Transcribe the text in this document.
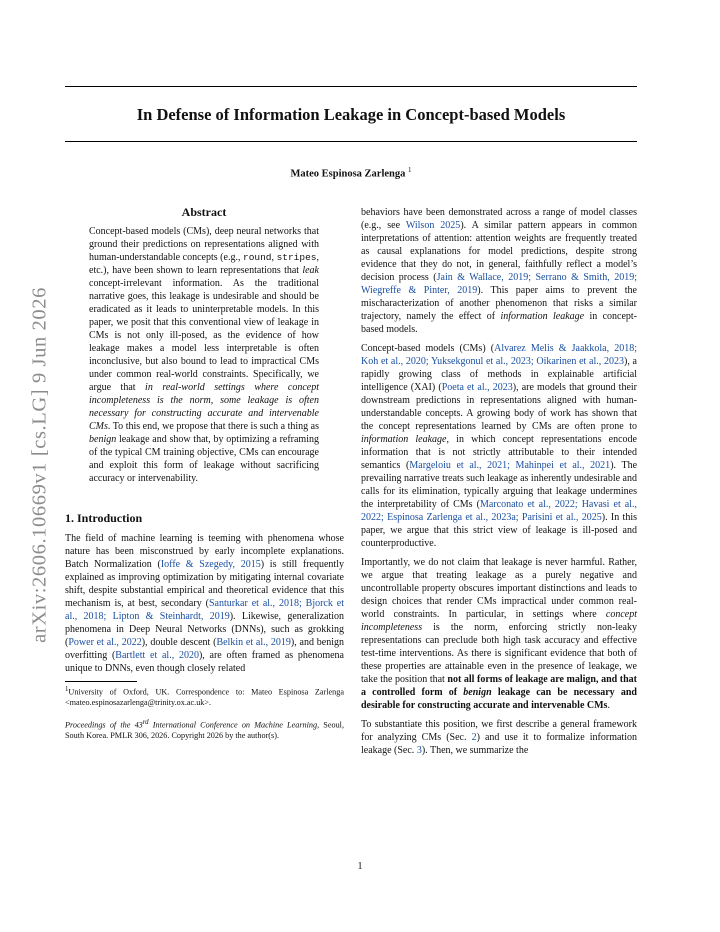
In Defense of Information Leakage in Concept-based Models
Mateo Espinosa Zarlenga $^1$
arXiv:2606.10669v1 [cs.LG] 9 Jun 2026
Abstract

Concept-based models (CMs), deep neural networks that ground their predictions on representations aligned with human-understandable concepts (e.g., round, stripes, etc.), have been shown to learn representations that leak concept-irrelevant information. As the traditional narrative goes, this leakage is undesirable and should be eradicated as it leads to uninterpretable models. In this paper, we posit that this conventional view of leakage in CMs is not only ill-posed, as the evidence of how leakage makes a model less interpretable is often inconclusive, but also bound to lead to impractical CMs under common real-world constraints. Specifically, we argue that in real-world settings where concept incompleteness is the norm, some leakage is often necessary for constructing accurate and intervenable CMs. To this end, we propose that there is such a thing as benign leakage and show that, by optimizing a reframing of the typical CM training objective, CMs can encourage and exploit this form of leakage without sacrificing accuracy or intervenability.

1. Introduction

The field of machine learning is teeming with phenomena whose nature has been misconstrued by early incomplete explanations. Batch Normalization (Ioffe & Szegedy, 2015) is still frequently explained as improving optimization by mitigating internal covariate shift, despite substantial empirical and theoretical evidence that this mechanism is, at best, secondary (Santurkar et al., 2018; Bjorck et al., 2018; Lipton & Steinhardt, 2019). Likewise, generalization phenomena in Deep Neural Networks (DNNs), such as grokking (Power et al., 2022), double descent (Belkin et al., 2019), and benign overfitting (Bartlett et al., 2020), are often framed as phenomena unique to DNNs, even though closely related

$^1$University of Oxford, UK. Correspondence to: Mateo Espinosa Zarlenga <mateo.espinosazarlenga@trinity.ox.ac.uk>.

Proceedings of the 43rd International Conference on Machine Learning, Seoul, South Korea. PMLR 306, 2026. Copyright 2026 by the author(s).

behaviors have been demonstrated across a range of model classes (e.g., see Wilson 2025). A similar pattern appears in common interpretations of attention: attention weights are frequently treated as causal explanations for model predictions, despite strong evidence that they do not, in general, faithfully reflect a model’s decision process (Jain & Wallace, 2019; Serrano & Smith, 2019; Wiegreffe & Pinter, 2019). This paper aims to prevent the mischaracterization of another phenomenon that risks a similar trajectory, namely the effect of information leakage in concept-based models.

Concept-based models (CMs) (Alvarez Melis & Jaakkola, 2018; Koh et al., 2020; Yuksekgonul et al., 2023; Oikarinen et al., 2023), a rapidly growing class of methods in explainable artificial intelligence (XAI) (Poeta et al., 2023), are models that ground their downstream predictions in representations aligned with human-understandable concepts. A growing body of work has shown that the concept representations learned by CMs are often prone to information leakage, in which concept representations encode information that is not strictly attributable to their intended semantics (Margeloiu et al., 2021; Mahinpei et al., 2021). The prevailing narrative treats such leakage as inherently undesirable and calls for its elimination, typically arguing that leakage undermines the interpretability of CMs (Marconato et al., 2022; Havasi et al., 2022; Espinosa Zarlenga et al., 2023a; Parisini et al., 2025). In this paper, we argue that this strict view of leakage is ill-posed and counterproductive.

Importantly, we do not claim that leakage is never harmful. Rather, we argue that treating leakage as a purely negative and uncontrollable property obscures important distinctions and leads to design choices that render CMs impractical under common real-world constraints. In particular, in settings where concept incompleteness is the norm, enforcing strictly non-leaky representations can preclude both high task accuracy and effective test-time interventions. As there is significant evidence that both of these properties are attainable even in the presence of leakage, we take the position that not all forms of leakage are malign, and that a controlled form of benign leakage can be necessary and desirable for constructing accurate and intervenable CMs.

To substantiate this position, we first describe a general framework for analyzing CMs (Sec. 2) and use it to formalize information leakage (Sec. 3). Then, we summarize the

1
